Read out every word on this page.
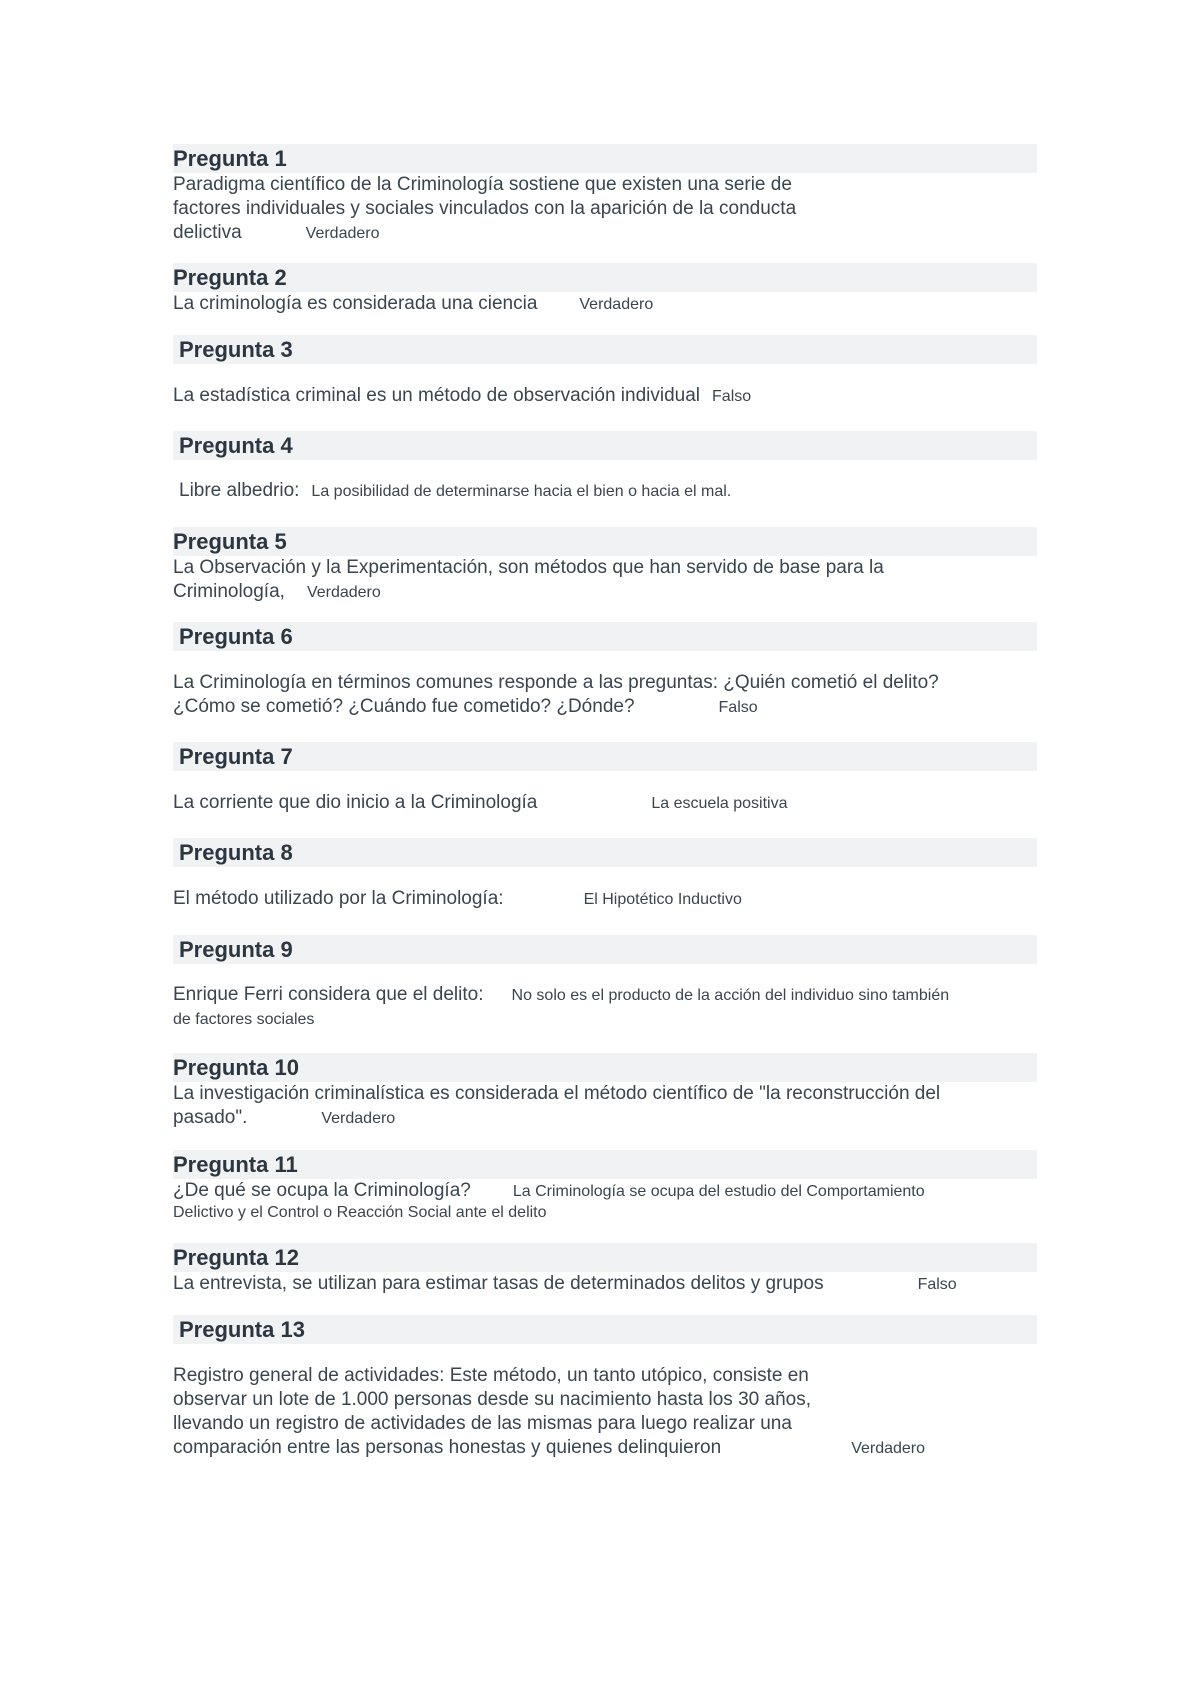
Pregunta 1
Paradigma científico de la Criminología sostiene que existen una serie de
factores individuales y sociales vinculados con la aparición de la conducta
delictiva	Verdadero
Pregunta 2
La criminología es considerada una ciencia	Verdadero
Pregunta 3
La estadística criminal es un método de observación individual Falso
Pregunta 4
Libre albedrio: La posibilidad de determinarse hacia el bien o hacia el mal.
Pregunta 5
La Observación y la Experimentación, son métodos que han servido de base para la
Criminología, Verdadero
Pregunta 6
La Criminología en términos comunes responde a las preguntas: ¿Quién cometió el delito?
¿Cómo se cometió? ¿Cuándo fue cometido? ¿Dónde?	Falso
Pregunta 7
La corriente que dio inicio a la Criminología	La escuela positiva
Pregunta 8
El método utilizado por la Criminología:	El Hipotético Inductivo
Pregunta 9
Enrique Ferri considera que el delito: No solo es el producto de la acción del individuo sino también
de factores sociales
Pregunta 10
La investigación criminalística es considerada el método científico de "la reconstrucción del
pasado".	Verdadero
Pregunta 11
¿De qué se ocupa la Criminología?	La Criminología se ocupa del estudio del Comportamiento
Delictivo y el Control o Reacción Social ante el delito
Pregunta 12
La entrevista, se utilizan para estimar tasas de determinados delitos y grupos	Falso
Pregunta 13
Registro general de actividades: Este método, un tanto utópico, consiste en
observar un lote de 1.000 personas desde su nacimiento hasta los 30 años,
llevando un registro de actividades de las mismas para luego realizar una
comparación entre las personas honestas y quienes delinquieron	Verdadero
